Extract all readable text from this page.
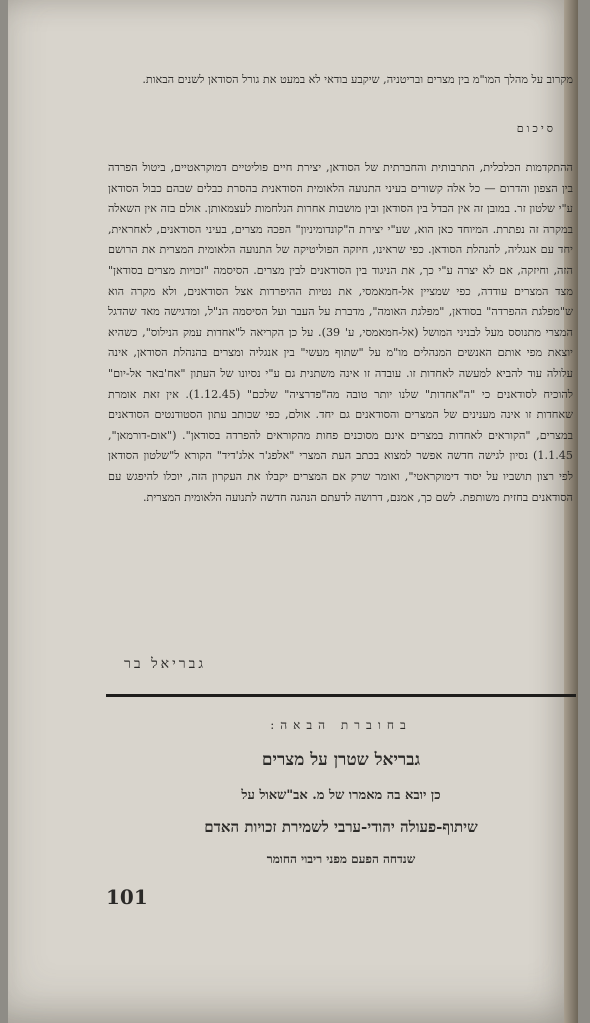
מקרוב על מהלך המו"מ בין מצרים ובריטניה, שיקבע בודאי לא במעט את גורל הסודאן לשנים הבאות.

סיכום

ההתקדמות הכלכלית, התרבותית והחברתית של הסודאן, יצירת חיים פוליטיים דמוקראטיים, ביטול הפרדה בין הצפון והדרום — כל אלה קשורים בעיני התנועה הלאומית הסודאנית בהסרת כבלים שבהם כבול הסודאן ע"י שלטון זר. במובן זה אין הבדל בין הסודאן ובין מושבות אחרות הנלחמות לעצמאותן. אולם בזה אין השאלה במקרה זה נפתרת. המיוחד כאן הוא, שע"י יצירת ה"קונדומיניון" הפכה מצרים, בעיני הסודאנים, לאחראית, יחד עם אנגליה, להנהלת הסודאן. כפי שראינו, חיזקה הפוליטיקה של התנועה הלאומית המצרית את הרושם הזה, וחיזקה, אם לא יצרה ע"י כך, את הניגוד בין הסודאנים לבין מצרים. הסיסמה "זכויות מצרים בסודאן" מצד המצרים עודדה, כפי שמציין אל-חמאמסי, את נטיות ההיפרדות אצל הסודאנים, ולא מקרה הוא ש"מפלגת ההפרדה" בסודאן, "מפלגת האומה", מדברת על העבר ועל הסיסמה הנ"ל, ומדגישה מאד שהדגל המצרי מתנוסס מעל לבניני המושל (אל-חמאמסי, ע' 39). על כן הקריאה ל"אחדות עמק הנילוס", כשהיא יוצאת מפי אותם האנשים המנהלים מו"מ על "שתוף מעשי" בין אנגליה ומצרים בהנהלת הסודאן, אינה עלולה עוד להביא למעשה לאחדות זו. עובדה זו אינה משתנית גם ע"י נסיונו של העתון "אח'באר אל-יום" להוכיח לסודאנים כי "ה"אחדות" שלנו יותר טובה מה"פדרציה" שלכם" (1.12.45). אין זאת אומרת שאחדות זו אינה מענינים של המצרים והסודאנים גם יחד. אולם, כפי שכותב עתון הסטודנטים הסודאנים במצרים, "הקוראים לאחדות במצרים אינם מסוכנים פחות מהקוראים להפרדה בסודאן". ("אום-דורמאן", 1.1.45) נסיון לגישה חדשה אפשר למצוא בכתב העת המצרי "אלפג'ר אלג'דיד" הקורא ל"שלטון הסודאן לפי רצון תושביו על יסוד דימוקראטי", ואומר שרק אם המצרים יקבלו את העקרון הזה, יוכלו להיפגש עם הסודאנים בחזית משותפת. לשם כך, אמנם, דרושה לדעתם הנהגה חדשה לתנועה הלאומית המצרית.

גבריאל בר
בחוברת הבאה:
גבריאל שטרן על מצרים
כן יובא בה מאמרו של מ. אב"שאול על
שיתוף-פעולה יהודי-ערבי לשמירת זכויות האדם
שנדחה הפעם מפני ריבוי החומר
101
